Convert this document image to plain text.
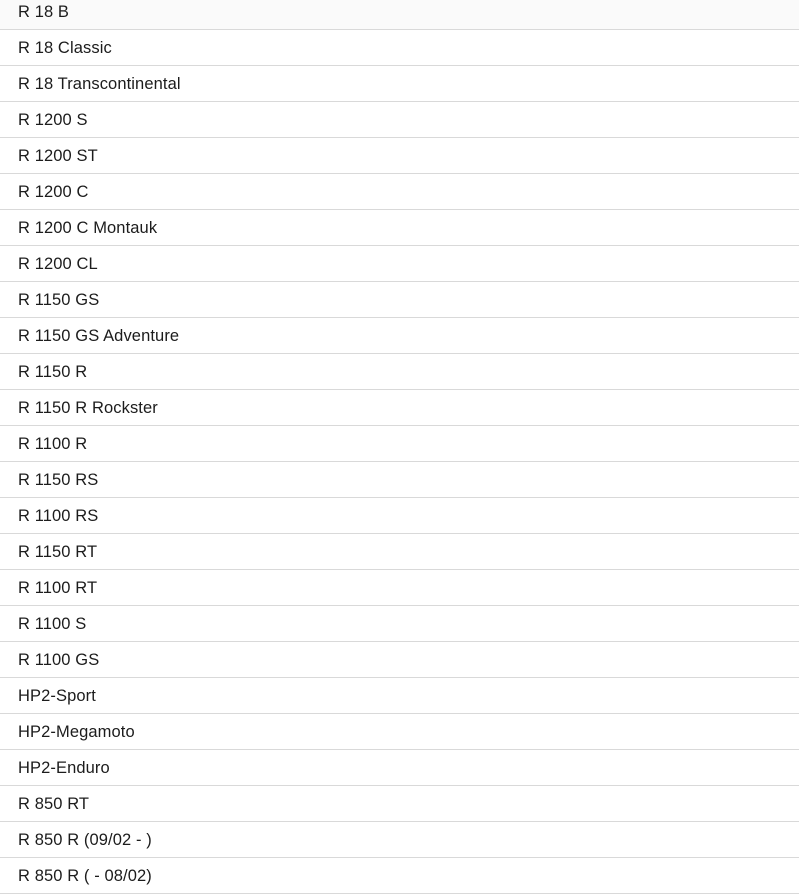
R 18 B
R 18 Classic
R 18 Transcontinental
R 1200 S
R 1200 ST
R 1200 C
R 1200 C Montauk
R 1200 CL
R 1150 GS
R 1150 GS Adventure
R 1150 R
R 1150 R Rockster
R 1100 R
R 1150 RS
R 1100 RS
R 1150 RT
R 1100 RT
R 1100 S
R 1100 GS
HP2-Sport
HP2-Megamoto
HP2-Enduro
R 850 RT
R 850 R (09/02 - )
R 850 R ( - 08/02)
